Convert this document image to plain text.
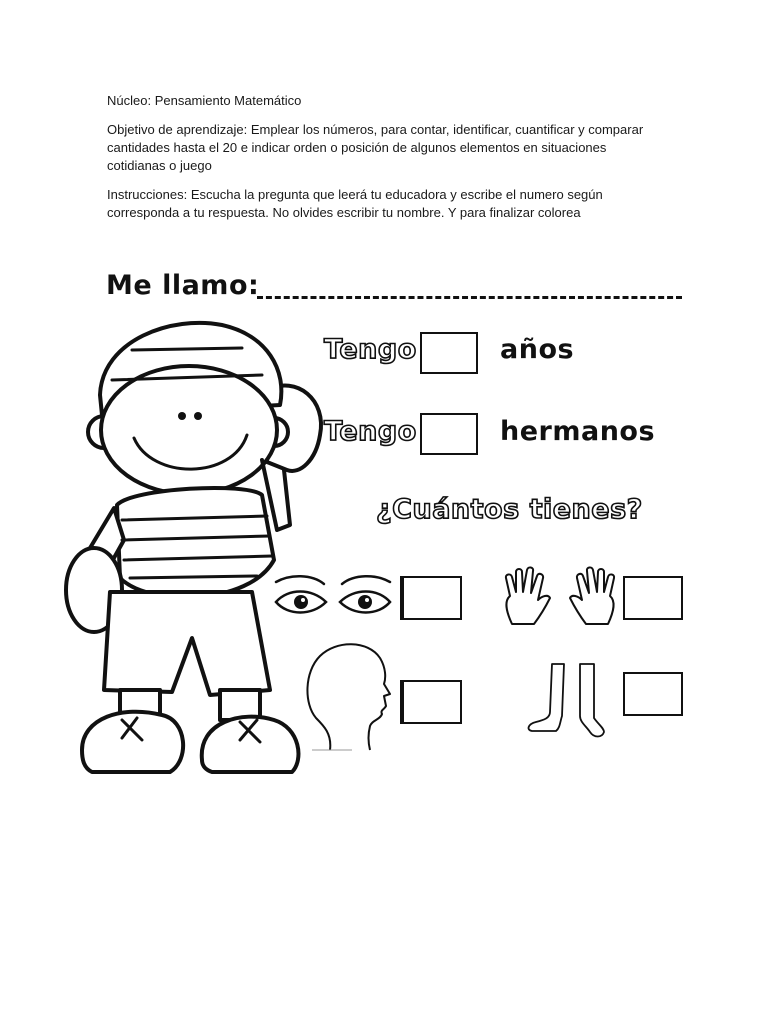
Núcleo: Pensamiento Matemático
Objetivo de aprendizaje: Emplear los números, para contar, identificar, cuantificar y comparar cantidades hasta el 20 e indicar orden o posición de algunos elementos en situaciones cotidianas o juego
Instrucciones: Escucha la pregunta que leerá tu educadora y escribe el numero según corresponda a tu respuesta. No olvides escribir tu nombre. Y para finalizar colorea
Me llamo:
Tengo	años
Tengo	hermanos
¿Cuántos tienes?
